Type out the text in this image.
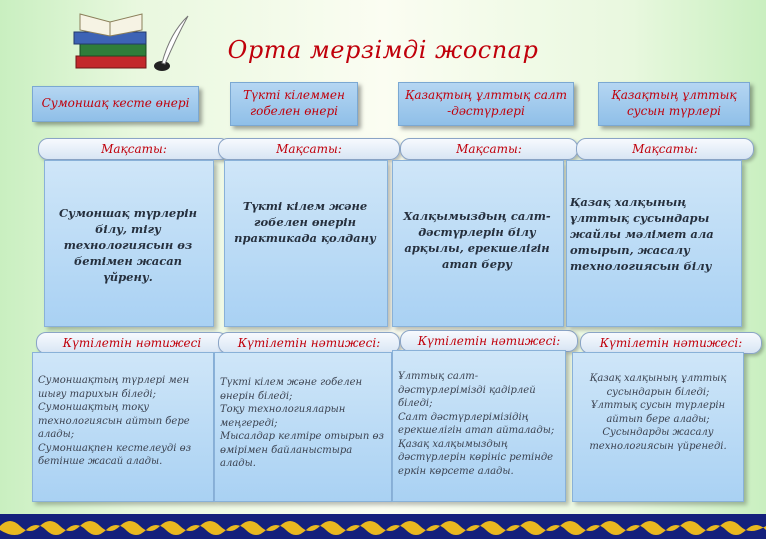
Орта мерзімді жоспар
Сумоншақ кесте өнері
Мақсаты:
Сумоншақ түрлерін білу, тігу технологиясын өз бетімен жасап үйрену.
Күтілетін нәтижесі
Сумоншақтың түрлері мен шығу тарихын біледі;
Сумоншақтың тоқу технологиясын айтып бере алады;
Сумоншақпен кестелеуді өз бетінше жасай алады.
Түкті кілеммен гобелен өнері
Мақсаты:
Түкті кілем және гобелен өнерін практикада қолдану
Күтілетін нәтижесі:
Түкті кілем және гобелен өнерін біледі;
Тоқу технологияларын меңгереді;
Мысалдар келтіре отырып өз өмірімен байланыстыра алады.
Қазақтың ұлттық салт -дәстүрлері
Мақсаты:
Халқымыздың салт-дәстүрлерін білу арқылы, ерекшелігін атап беру
Күтілетін нәтижесі:
Ұлттық салт-дәстүрлерімізді қадірлей біледі;
Салт дәстүрлерімізідің ерекшелігін атап айталады;
Қазақ халқымыздың дәстүрлерін көрініс ретінде еркін көрсете алады.
Қазақтың ұлттық сусын түрлері
Мақсаты:
Қазақ халқының ұлттық сусындары жайлы мәлімет ала отырып, жасалу технологиясын білу
Күтілетін нәтижесі:
Қазақ халқының ұлттық сусындарын біледі;
Ұлттық сусын түрлерін айтып бере алады;
Сусындарды жасалу технологиясын үйренеді.
